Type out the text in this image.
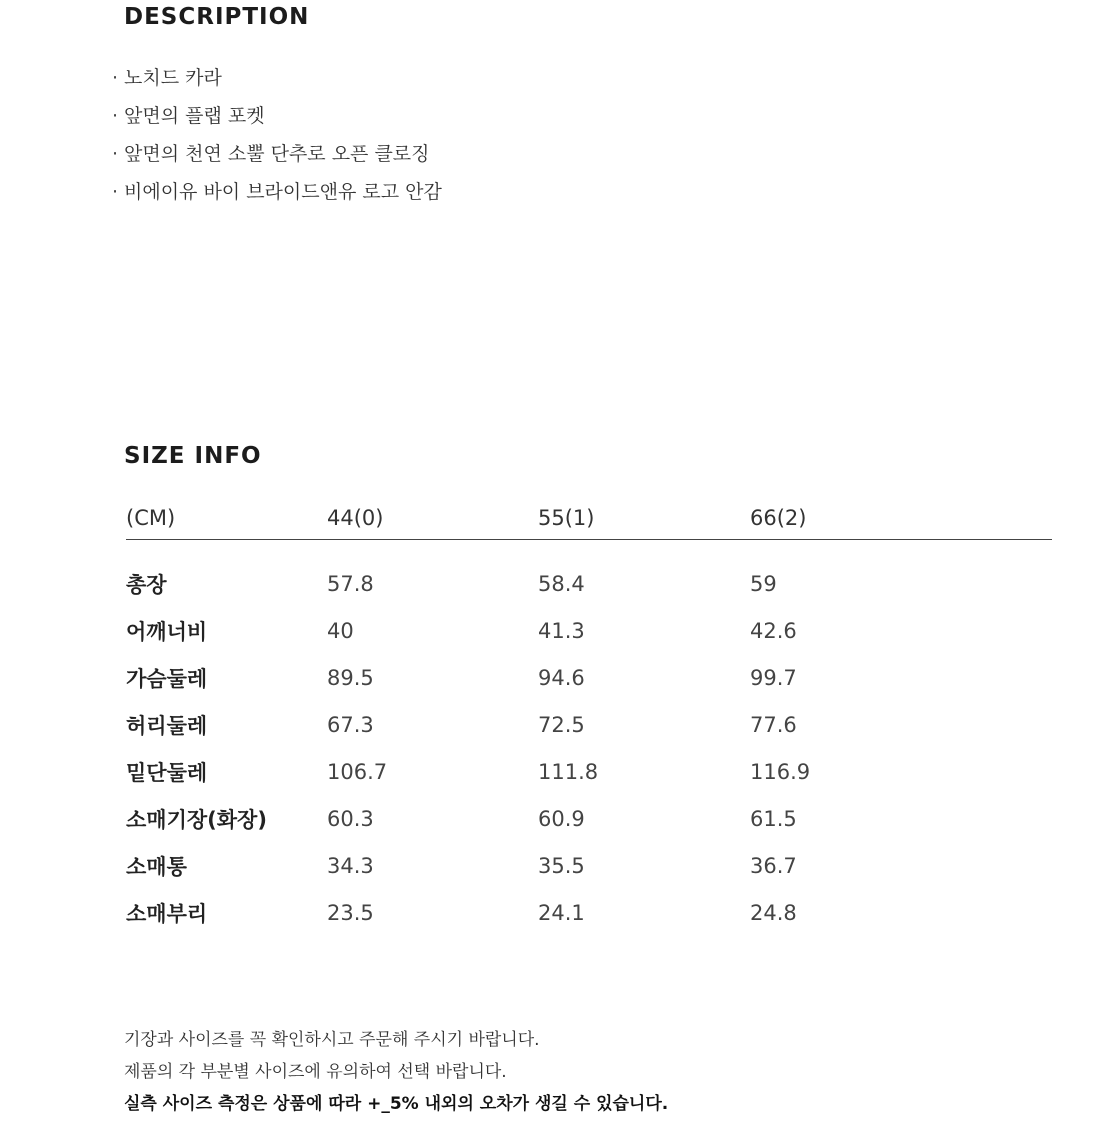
DESCRIPTION
· 노치드 카라
· 앞면의 플랩 포켓
· 앞면의 천연 소뿔 단추로 오픈 클로징
· 비에이유 바이 브라이드앤유 로고 안감
SIZE INFO
(CM)	44(0)	55(1)	66(2)

총장	57.8	58.4	59
어깨너비	40	41.3	42.6
가슴둘레	89.5	94.6	99.7
허리둘레	67.3	72.5	77.6
밑단둘레	106.7	111.8	116.9
소매기장(화장)	60.3	60.9	61.5
소매통	34.3	35.5	36.7
소매부리	23.5	24.1	24.8

기장과 사이즈를 꼭 확인하시고 주문해 주시기 바랍니다.

제품의 각 부분별 사이즈에 유의하여 선택 바랍니다.

실측 사이즈 측정은 상품에 따라 +_5% 내외의 오차가 생길 수 있습니다.
